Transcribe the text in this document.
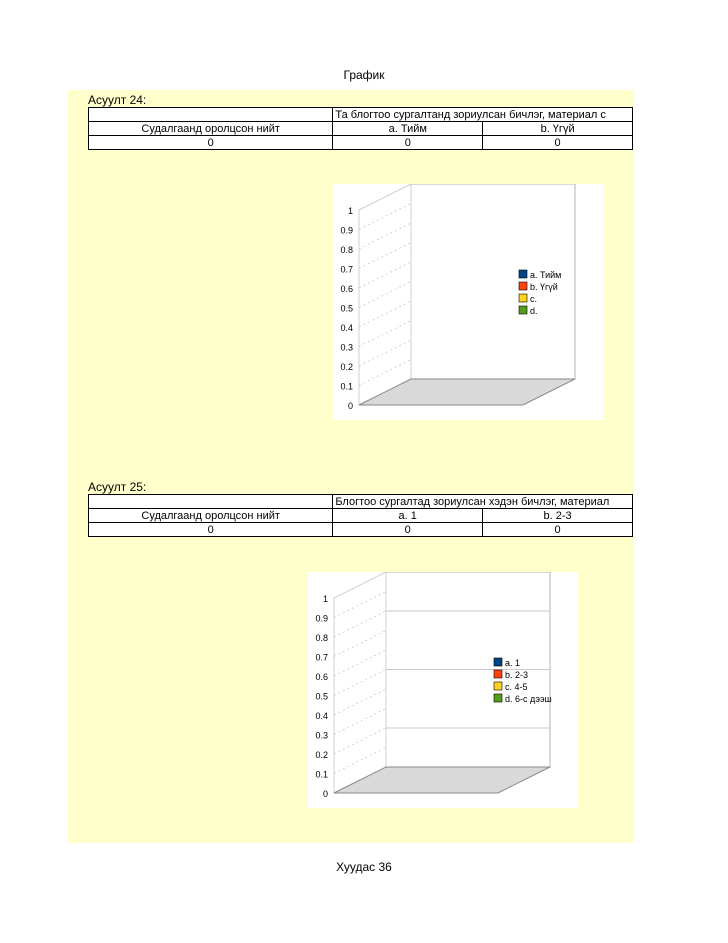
График
Асуулт 24:
	Та блогтоо сургалтанд зориулсан бичлэг, материал с	
Судалгаанд оролцсон нийт	a. Тийм	b. Үгүй
0	0	0
1
0.9
0.8
0.7
0.6
0.5
0.4
0.3
0.2
0.1
0
a. Тийм
b. Үгүй
c.
d.
Асуулт 25:
	Блогтоо сургалтад зориулсан хэдэн бичлэг, материал	
Судалгаанд оролцсон нийт	a. 1	b. 2-3
0	0	0
1
0.9
0.8
0.7
0.6
0.5
0.4
0.3
0.2
0.1
0
a. 1
b. 2-3
c. 4-5
d. 6-с дээш
Хуудас 36
